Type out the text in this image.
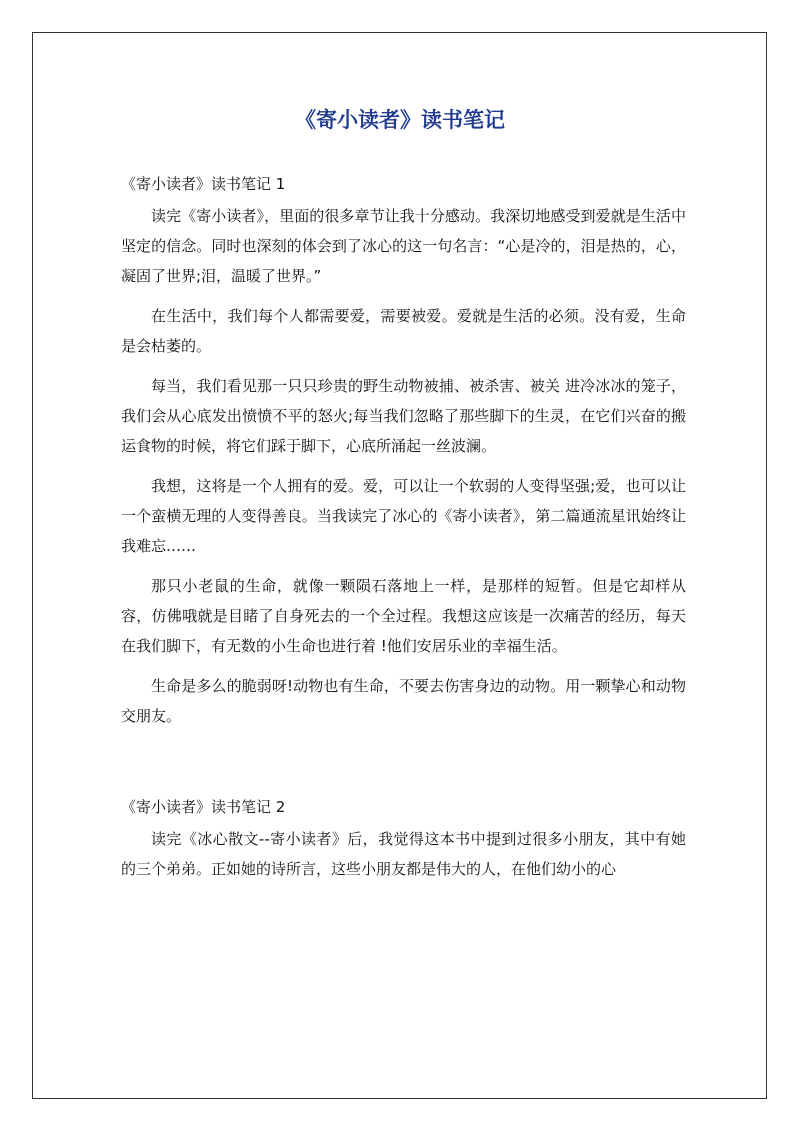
《寄小读者》读书笔记

《寄小读者》读书笔记 1

读完《寄小读者》，里面的很多章节让我十分感动。我深切地感受到爱就是生活中坚定的信念。同时也深刻的体会到了冰心的这一句名言：“心是冷的，泪是热的，心，凝固了世界;泪，温暖了世界。”

在生活中，我们每个人都需要爱，需要被爱。爱就是生活的必须。没有爱，生命是会枯萎的。

每当，我们看见那一只只珍贵的野生动物被捕、被杀害、被关 进冷冰冰的笼子，我们会从心底发出愤愤不平的怒火;每当我们忽略了那些脚下的生灵，在它们兴奋的搬运食物的时候，将它们踩于脚下，心底所涌起一丝波澜。

我想，这将是一个人拥有的爱。爱，可以让一个软弱的人变得坚强;爱，也可以让一个蛮横无理的人变得善良。当我读完了冰心的《寄小读者》，第二篇通流星讯始终让我难忘……

那只小老鼠的生命，就像一颗陨石落地上一样，是那样的短暂。但是它却样从容，仿佛哦就是目睹了自身死去的一个全过程。我想这应该是一次痛苦的经历，每天在我们脚下，有无数的小生命也进行着 !他们安居乐业的幸福生活。

生命是多么的脆弱呀!动物也有生命，不要去伤害身边的动物。用一颗挚心和动物交朋友。

《寄小读者》读书笔记 2

读完《冰心散文--寄小读者》后，我觉得这本书中提到过很多小朋友，其中有她的三个弟弟。正如她的诗所言，这些小朋友都是伟大的人，在他们幼小的心
